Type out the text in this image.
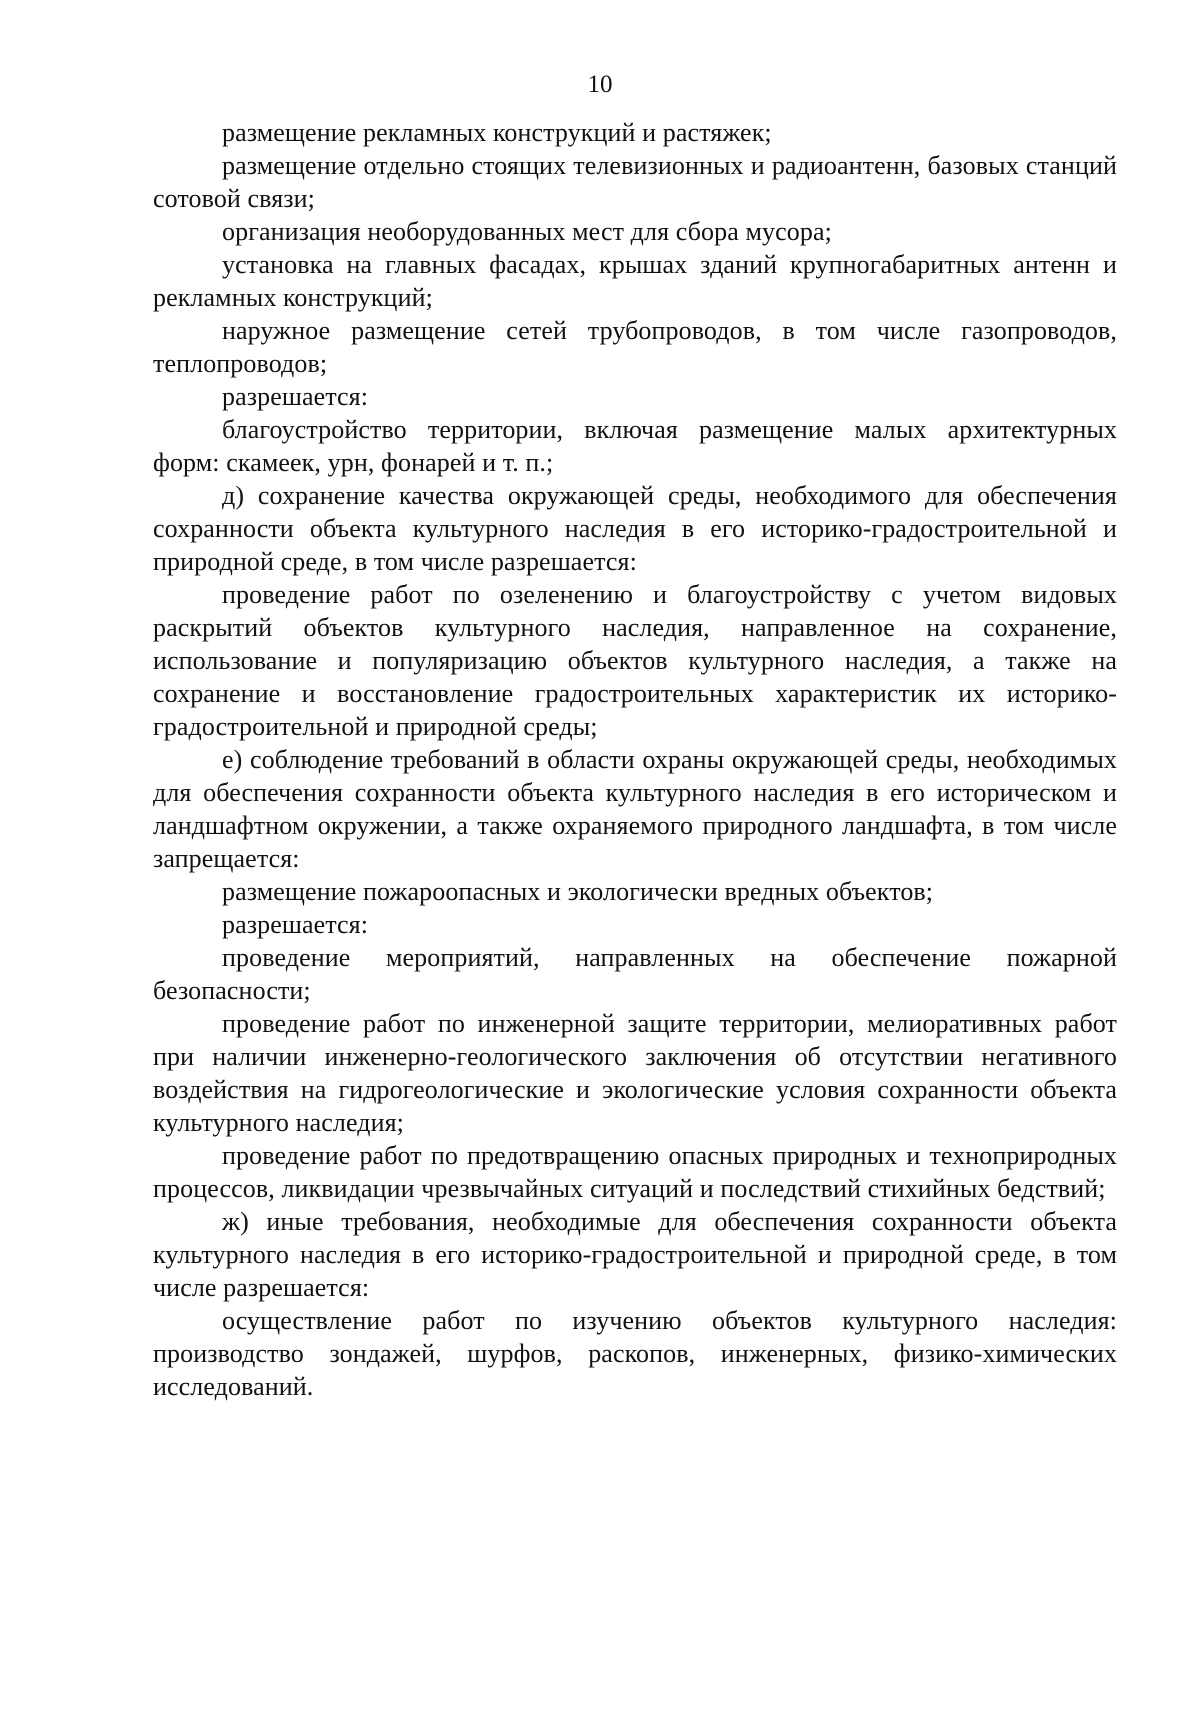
10

размещение рекламных конструкций и растяжек;

размещение отдельно стоящих телевизионных и радиоантенн, базовых станций сотовой связи;

организация необорудованных мест для сбора мусора;

установка на главных фасадах, крышах зданий крупногабаритных антенн и рекламных конструкций;

наружное размещение сетей трубопроводов, в том числе газопроводов, теплопроводов;

разрешается:

благоустройство территории, включая размещение малых архитектурных форм: скамеек, урн, фонарей и т. п.;

д) сохранение качества окружающей среды, необходимого для обеспечения сохранности объекта культурного наследия в его историко-градостроительной и природной среде, в том числе разрешается:

проведение работ по озеленению и благоустройству с учетом видовых раскрытий объектов культурного наследия, направленное на сохранение, использование и популяризацию объектов культурного наследия, а также на сохранение и восстановление градостроительных характеристик их историко-градостроительной и природной среды;

е) соблюдение требований в области охраны окружающей среды, необходимых для обеспечения сохранности объекта культурного наследия в его историческом и ландшафтном окружении, а также охраняемого природного ландшафта, в том числе запрещается:

размещение пожароопасных и экологически вредных объектов;

разрешается:

проведение мероприятий, направленных на обеспечение пожарной безопасности;

проведение работ по инженерной защите территории, мелиоративных работ при наличии инженерно-геологического заключения об отсутствии негативного воздействия на гидрогеологические и экологические условия сохранности объекта культурного наследия;

проведение работ по предотвращению опасных природных и техноприродных процессов, ликвидации чрезвычайных ситуаций и последствий стихийных бедствий;

ж) иные требования, необходимые для обеспечения сохранности объекта культурного наследия в его историко-градостроительной и природной среде, в том числе разрешается:

осуществление работ по изучению объектов культурного наследия: производство зондажей, шурфов, раскопов, инженерных, физико-химических исследований.
